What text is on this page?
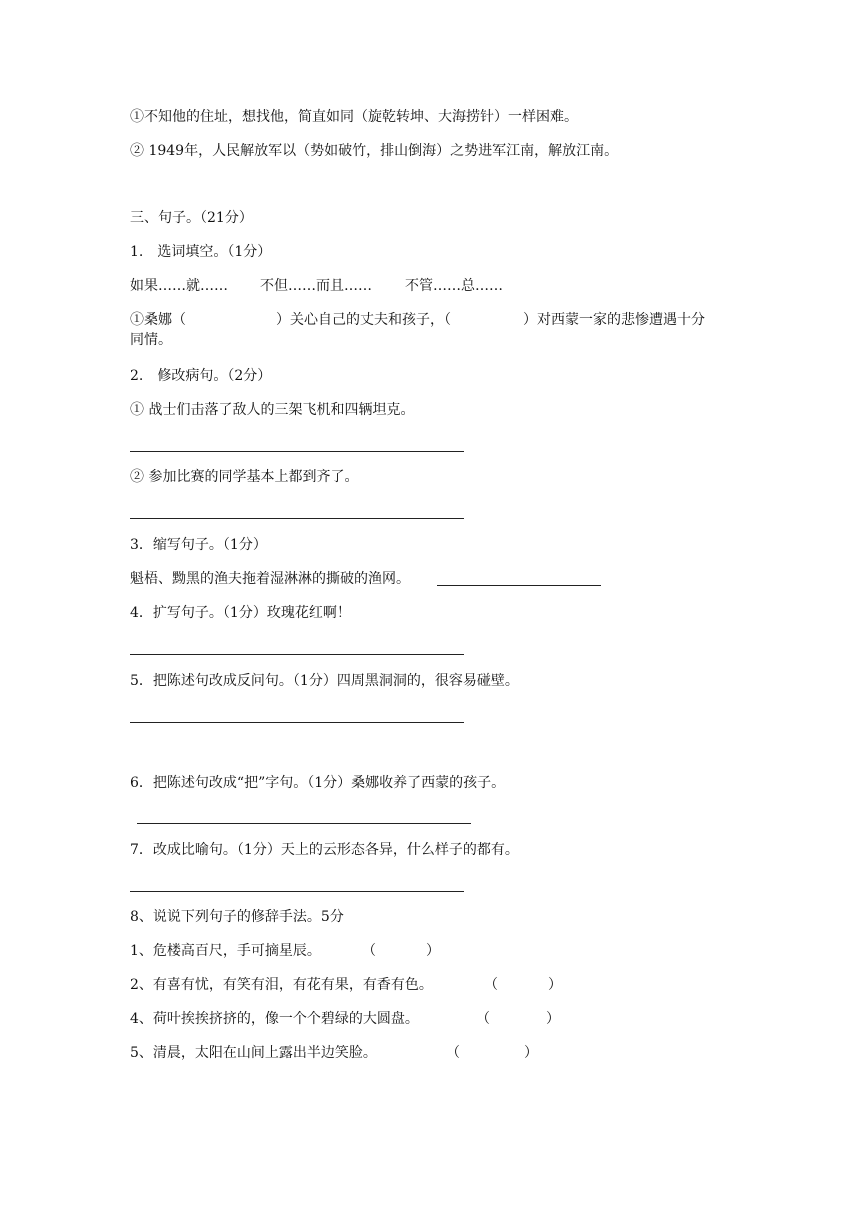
①不知他的住址，想找他，简直如同（旋乾转坤、大海捞针）一样困难。
② 1949年，人民解放军以（势如破竹，排山倒海）之势进军江南，解放江南。
三、句子。（21分）
1.　选词填空。（1分）
如果……就…… 不但……而且…… 不管……总……
①桑娜（	）关心自己的丈夫和孩子，（	）对西蒙一家的悲惨遭遇十分
同情。
2.　修改病句。（2分）
① 战士们击落了敌人的三架飞机和四辆坦克。
② 参加比赛的同学基本上都到齐了。
3．缩写句子。（1分）
魁梧、黝黑的渔夫拖着湿淋淋的撕破的渔网。
4．扩写句子。（1分）玫瑰花红啊！
5．把陈述句改成反问句。（1分）四周黑洞洞的，很容易碰壁。
6．把陈述句改成“把”字句。（1分）桑娜收养了西蒙的孩子。
7．改成比喻句。（1分）天上的云形态各异，什么样子的都有。
8、说说下列句子的修辞手法。5分
1、危楼高百尺，手可摘星辰。	（	）
2、有喜有忧，有笑有泪，有花有果，有香有色。	（	）
4、荷叶挨挨挤挤的，像一个个碧绿的大圆盘。	（	）
5、清晨，太阳在山间上露出半边笑脸。	（	）
